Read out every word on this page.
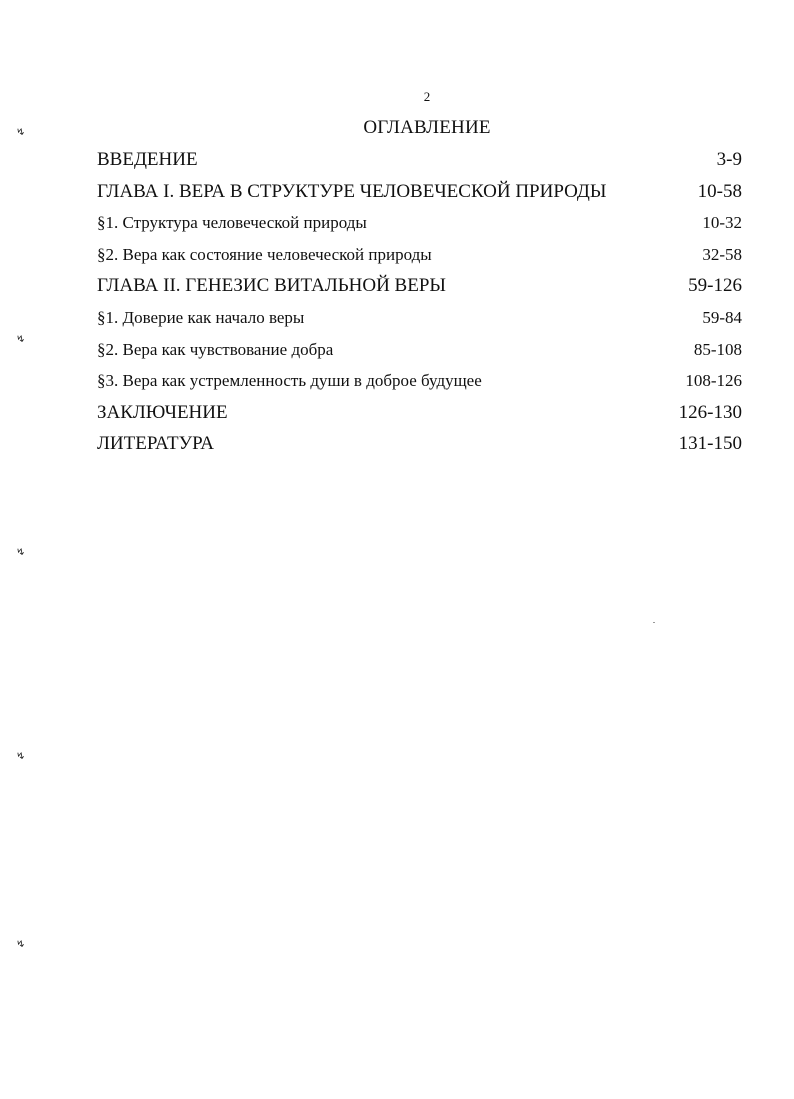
2
ОГЛАВЛЕНИЕ
ВВЕДЕНИЕ	3-9
ГЛАВА I. ВЕРА В СТРУКТУРЕ ЧЕЛОВЕЧЕСКОЙ ПРИРОДЫ	10-58
§1. Структура человеческой природы	10-32
§2. Вера как состояние человеческой природы	32-58
ГЛАВА II. ГЕНЕЗИС ВИТАЛЬНОЙ ВЕРЫ	59-126
§1. Доверие как начало веры	59-84
§2. Вера как чувствование добра	85-108
§3. Вера как устремленность души в доброе будущее	108-126
ЗАКЛЮЧЕНИЕ	126-130
ЛИТЕРАТУРА	131-150
↯
↯
↯
↯
↯
